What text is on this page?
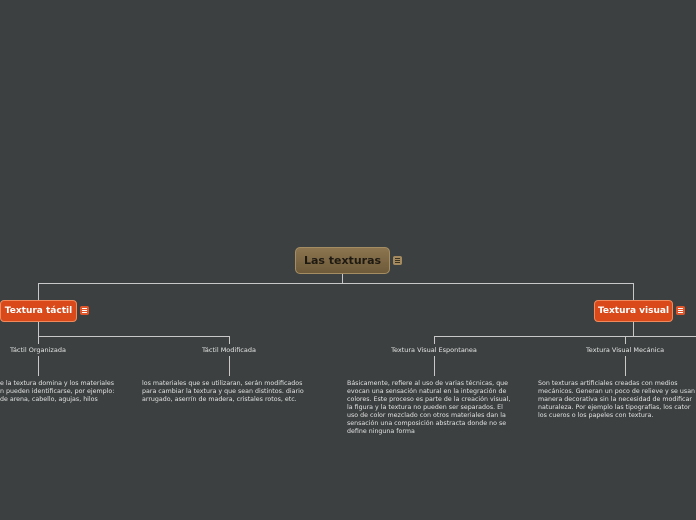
Las texturas
Textura táctil	Textura visual
Táctil Organizada	Táctil Modificada	Textura Visual Espontanea	Textura Visual Mecánica

e la textura domina y los materiales
n pueden identificarse, por ejemplo:
de arena, cabello, agujas, hilos

los materiales que se utilizaran, serán modificados
para cambiar la textura y que sean distintos. diario
arrugado, aserrín de madera, cristales rotos, etc.

Básicamente, refiere al uso de varias técnicas, que
evocan una sensación natural en la integración de
colores. Este proceso es parte de la creación visual,
la figura y la textura no pueden ser separados. El
uso de color mezclado con otros materiales dan la
sensación una composición abstracta donde no se
define ninguna forma

Son texturas artificiales creadas con medios
mecánicos. Generan un poco de relieve y se usan
manera decorativa sin la necesidad de modificar
naturaleza. Por ejemplo las tipografías, los cator
los cueros o los papeles con textura.
